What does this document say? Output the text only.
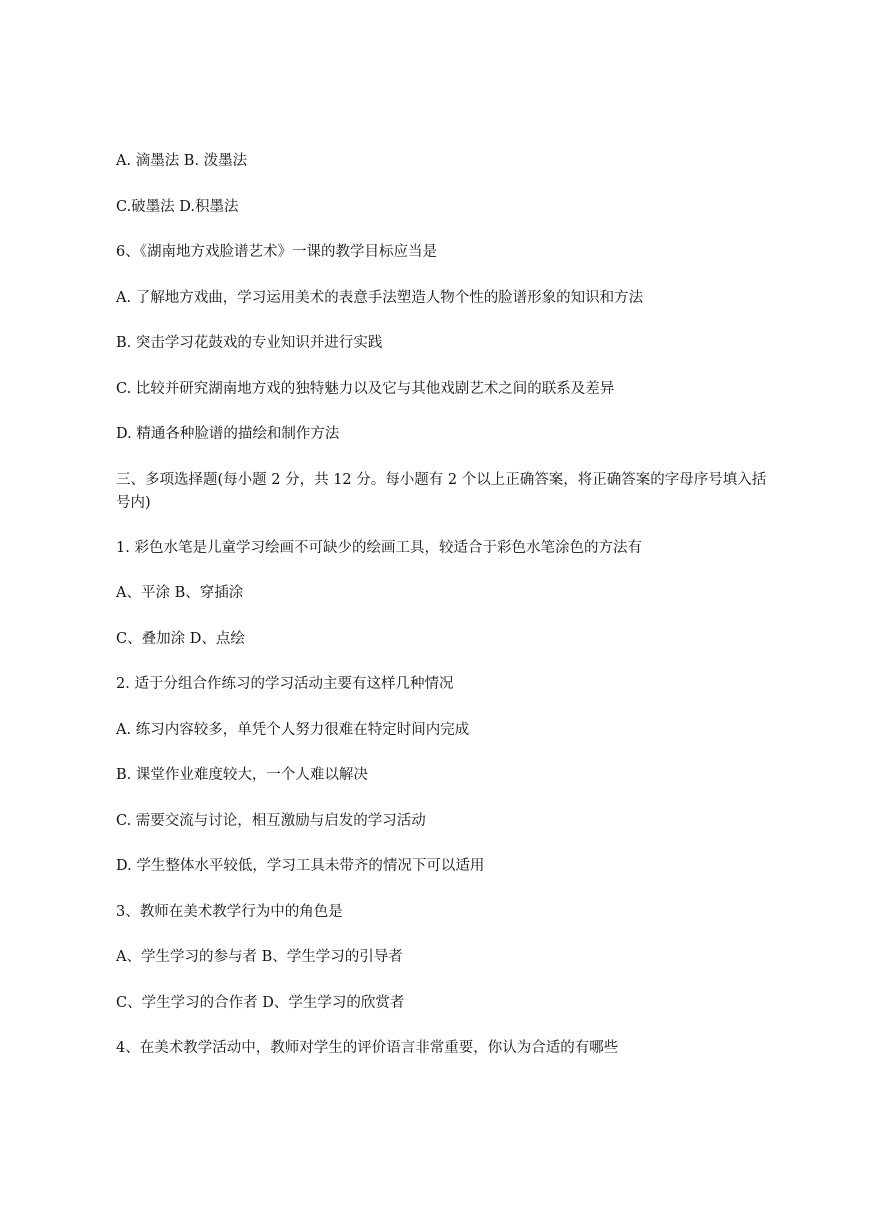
A. 滴墨法 B. 泼墨法
C.破墨法 D.积墨法
6、《湖南地方戏脸谱艺术》一课的教学目标应当是
A. 了解地方戏曲，学习运用美术的表意手法塑造人物个性的脸谱形象的知识和方法
B. 突击学习花鼓戏的专业知识并进行实践
C. 比较并研究湖南地方戏的独特魅力以及它与其他戏剧艺术之间的联系及差异
D. 精通各种脸谱的描绘和制作方法
三、多项选择题(每小题 2 分，共 12 分。每小题有 2 个以上正确答案，将正确答案的字母序号填入括号内)
1. 彩色水笔是儿童学习绘画不可缺少的绘画工具，较适合于彩色水笔涂色的方法有
A、平涂 B、穿插涂
C、叠加涂 D、点绘
2. 适于分组合作练习的学习活动主要有这样几种情况
A. 练习内容较多，单凭个人努力很难在特定时间内完成
B. 课堂作业难度较大，一个人难以解决
C. 需要交流与讨论，相互激励与启发的学习活动
D. 学生整体水平较低，学习工具未带齐的情况下可以适用
3、教师在美术教学行为中的角色是
A、学生学习的参与者 B、学生学习的引导者
C、学生学习的合作者 D、学生学习的欣赏者
4、在美术教学活动中，教师对学生的评价语言非常重要，你认为合适的有哪些
